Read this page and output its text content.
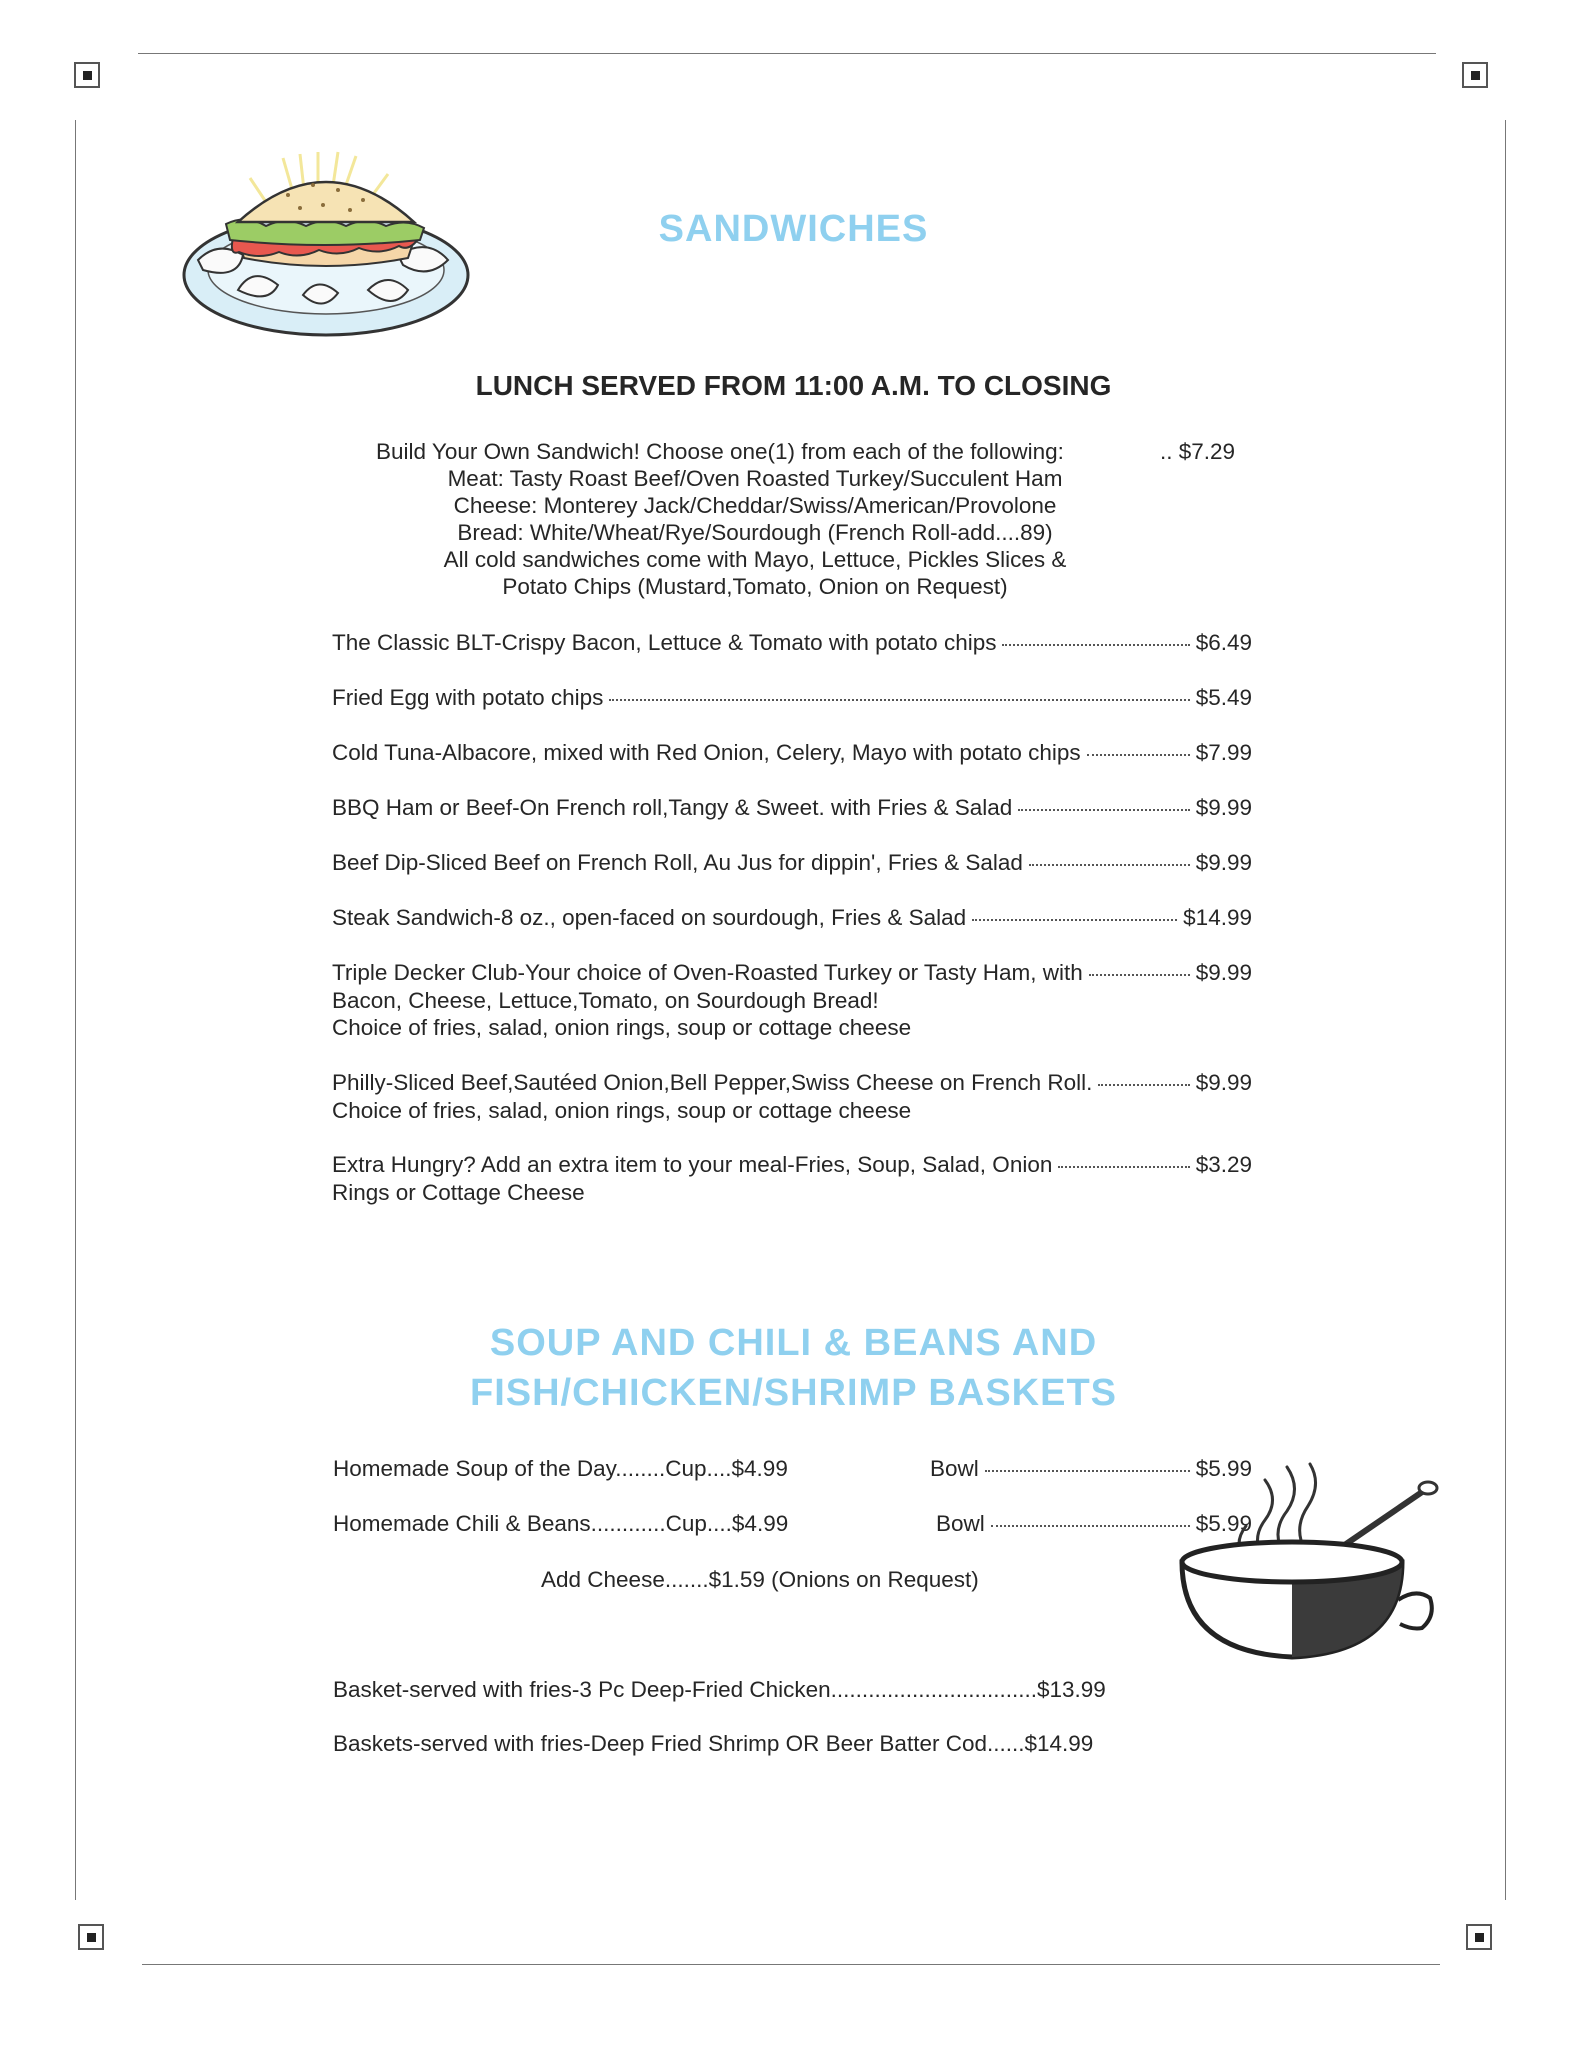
SANDWICHES
LUNCH SERVED FROM 11:00 A.M. TO CLOSING
Build Your Own Sandwich! Choose one(1) from each of the following:	.. $7.29
Meat: Tasty Roast Beef/Oven Roasted Turkey/Succulent Ham
Cheese: Monterey Jack/Cheddar/Swiss/American/Provolone
Bread: White/Wheat/Rye/Sourdough (French Roll-add....89)
All cold sandwiches come with Mayo, Lettuce, Pickles Slices &
Potato Chips (Mustard,Tomato, Onion on Request)
The Classic BLT-Crispy Bacon, Lettuce & Tomato with potato chips	$6.49
Fried Egg with potato chips	$5.49
Cold Tuna-Albacore, mixed with Red Onion, Celery, Mayo with potato chips	$7.99
BBQ Ham or Beef-On French roll,Tangy & Sweet. with Fries & Salad	$9.99
Beef Dip-Sliced Beef on French Roll, Au Jus for dippin', Fries & Salad	$9.99
Steak Sandwich-8 oz., open-faced on sourdough, Fries & Salad	$14.99
Triple Decker Club-Your choice of Oven-Roasted Turkey or Tasty Ham, with	$9.99
Bacon, Cheese, Lettuce,Tomato, on Sourdough Bread!
Choice of fries, salad, onion rings, soup or cottage cheese
Philly-Sliced Beef,Sautéed Onion,Bell Pepper,Swiss Cheese on French Roll.	$9.99
Choice of fries, salad, onion rings, soup or cottage cheese
Extra Hungry? Add an extra item to your meal-Fries, Soup, Salad, Onion	$3.29
Rings or Cottage Cheese
SOUP AND CHILI & BEANS AND
FISH/CHICKEN/SHRIMP BASKETS
Homemade Soup of the Day........Cup....$4.99	Bowl	$5.99
Homemade Chili & Beans............Cup....$4.99	Bowl	$5.99
Add Cheese.......$1.59 (Onions on Request)
Basket-served with fries-3 Pc Deep-Fried Chicken.................................$13.99
Baskets-served with fries-Deep Fried Shrimp OR Beer Batter Cod......$14.99
